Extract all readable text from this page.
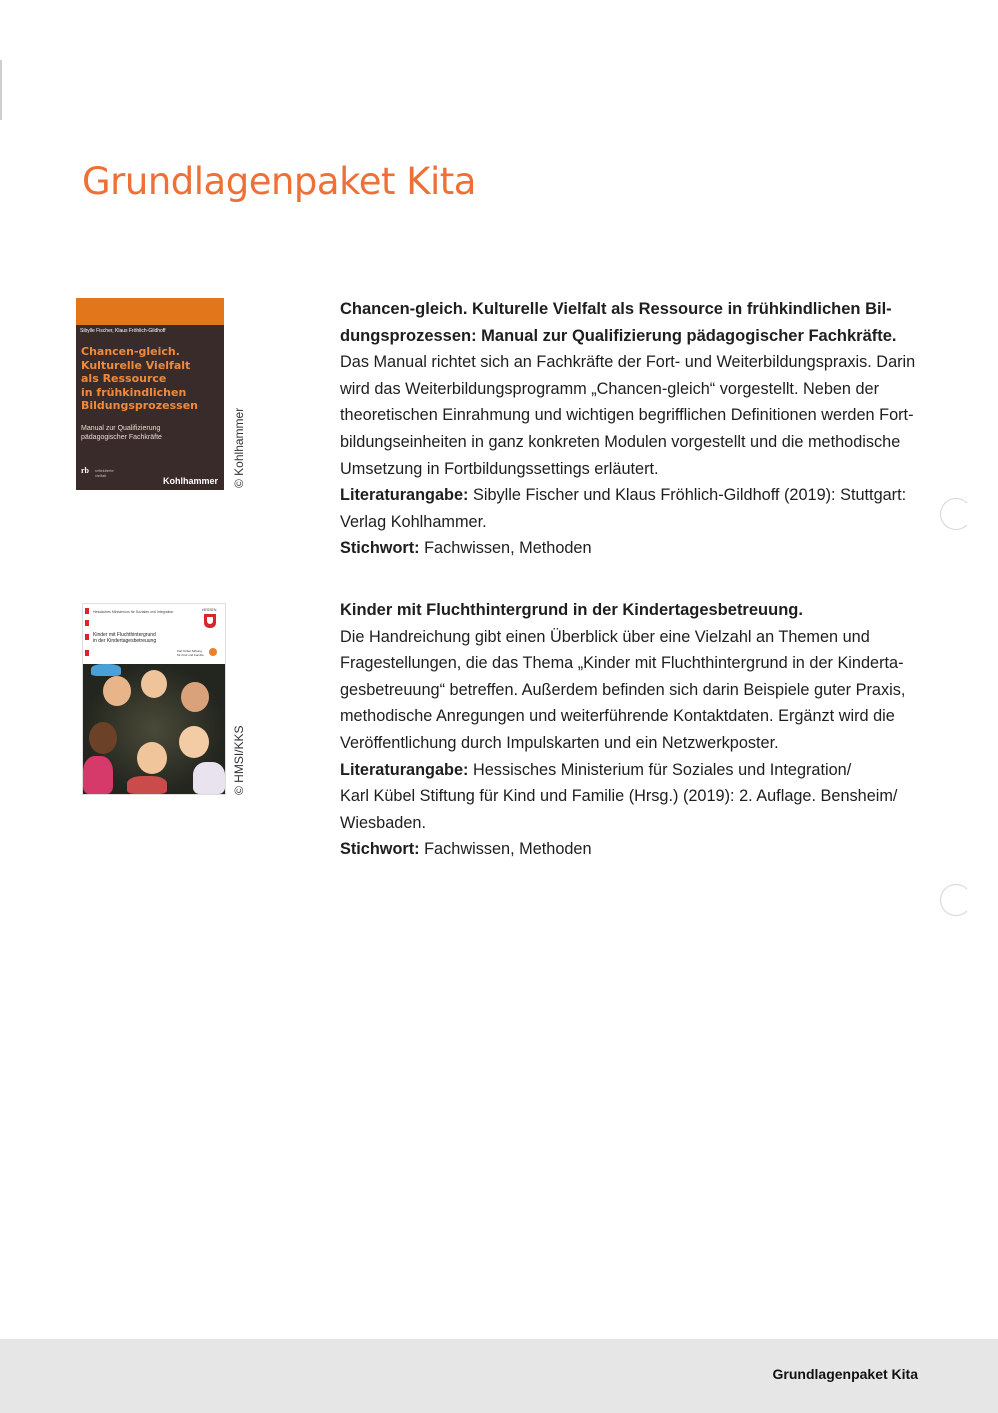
Grundlagenpaket Kita
Sibylle Fischer, Klaus Fröhlich-Gildhoff
Chancen-gleich.
Kulturelle Vielfalt
als Ressource
in frühkindlichen
Bildungsprozessen
Manual zur Qualifizierung
pädagogischer Fachkräfte
rb reflektierte
vielfalt
Kohlhammer © Kohlhammer
Chancen-gleich. Kulturelle Vielfalt als Ressource in frühkindlichen Bil-
dungsprozessen: Manual zur Qualifizierung pädagogischer Fachkräfte.

Das Manual richtet sich an Fachkräfte der Fort- und Weiterbildungspraxis. Darin
wird das Weiterbildungsprogramm „Chancen-gleich“ vorgestellt. Neben der
theoretischen Einrahmung und wichtigen begrifflichen Definitionen werden Fort-
bildungseinheiten in ganz konkreten Modulen vorgestellt und die methodische
Umsetzung in Fortbildungssettings erläutert.

Literaturangabe: Sibylle Fischer und Klaus Fröhlich-Gildhoff (2019): Stuttgart:
Verlag Kohlhammer.

Stichwort: Fachwissen, Methoden

Hessisches Ministerium für Soziales und Integration	HESSEN
Kinder mit Fluchthintergrund
in der Kindertagesbetreuung
Karl Kübel Stiftung
für Kind und Familie
© HMSI/KKS
Kinder mit Fluchthintergrund in der Kindertagesbetreuung.

Die Handreichung gibt einen Überblick über eine Vielzahl an Themen und
Fragestellungen, die das Thema „Kinder mit Fluchthintergrund in der Kinderta-
gesbetreuung“ betreffen. Außerdem befinden sich darin Beispiele guter Praxis,
methodische Anregungen und weiterführende Kontaktdaten. Ergänzt wird die
Veröffentlichung durch Impulskarten und ein Netzwerkposter.

Literaturangabe: Hessisches Ministerium für Soziales und Integration/
Karl Kübel Stiftung für Kind und Familie (Hrsg.) (2019): 2. Auflage. Bensheim/
Wiesbaden.

Stichwort: Fachwissen, Methoden

Grundlagenpaket Kita
